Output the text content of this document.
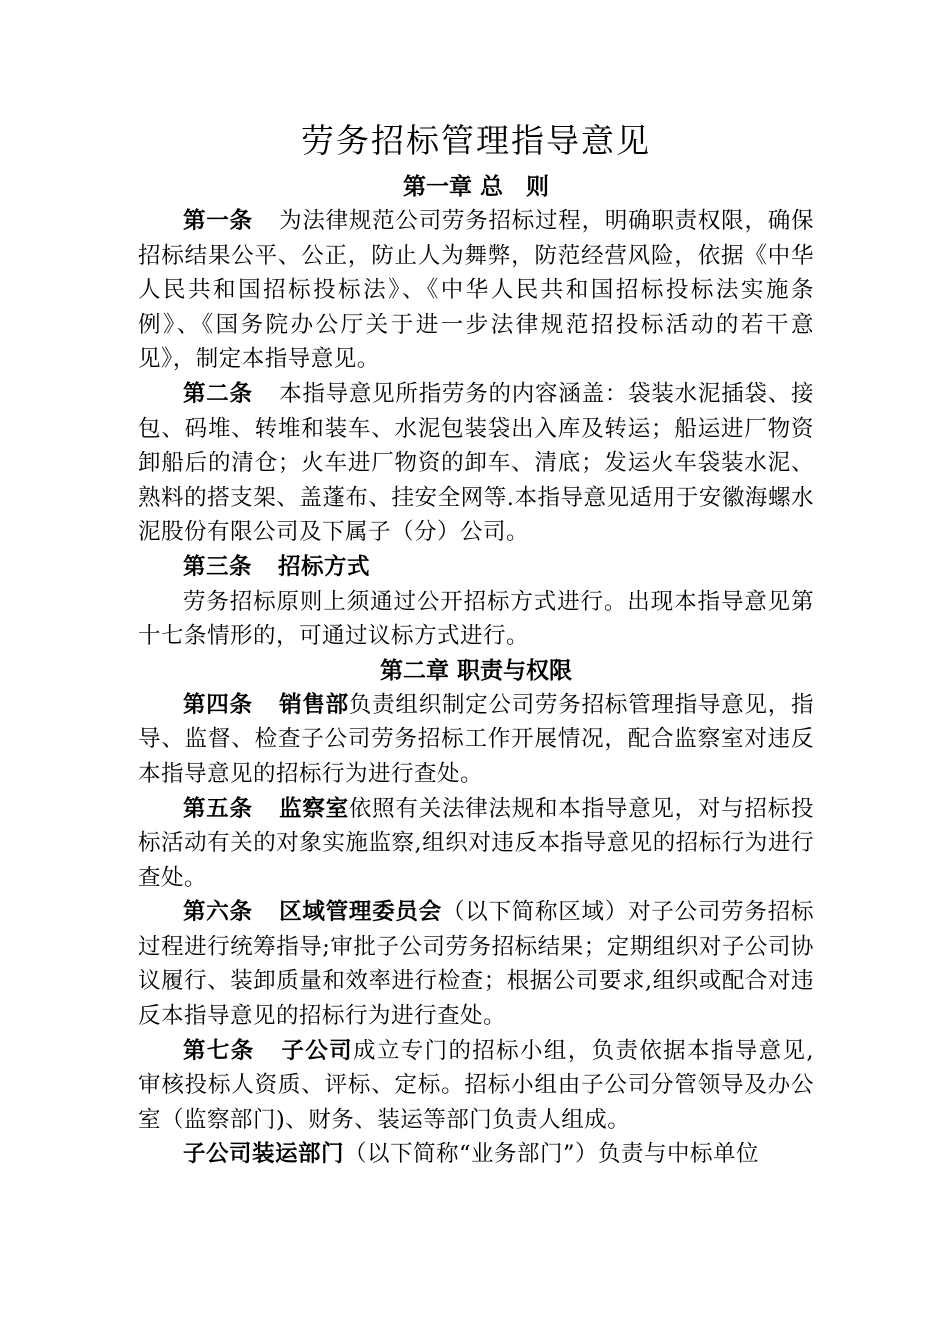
劳务招标管理指导意见
第一章 总　则

第一条 为法律规范公司劳务招标过程，明确职责权限，确保招标结果公平、公正，防止人为舞弊，防范经营风险，依据《中华人民共和国招标投标法》、《中华人民共和国招标投标法实施条例》、《国务院办公厅关于进一步法律规范招投标活动的若干意见》，制定本指导意见。

第二条 本指导意见所指劳务的内容涵盖：袋装水泥插袋、接包、码堆、转堆和装车、水泥包装袋出入库及转运；船运进厂物资卸船后的清仓；火车进厂物资的卸车、清底；发运火车袋装水泥、熟料的搭支架、盖蓬布、挂安全网等.本指导意见适用于安徽海螺水泥股份有限公司及下属子（分）公司。

第三条 招标方式

劳务招标原则上须通过公开招标方式进行。出现本指导意见第十七条情形的，可通过议标方式进行。

第二章 职责与权限

第四条 销售部负责组织制定公司劳务招标管理指导意见，指导、监督、检查子公司劳务招标工作开展情况，配合监察室对违反本指导意见的招标行为进行查处。

第五条 监察室依照有关法律法规和本指导意见，对与招标投标活动有关的对象实施监察,组织对违反本指导意见的招标行为进行查处。

第六条 区域管理委员会（以下简称区域）对子公司劳务招标过程进行统筹指导;审批子公司劳务招标结果；定期组织对子公司协议履行、装卸质量和效率进行检查；根据公司要求,组织或配合对违反本指导意见的招标行为进行查处。

第七条 子公司成立专门的招标小组，负责依据本指导意见,审核投标人资质、评标、定标。招标小组由子公司分管领导及办公室（监察部门)、财务、装运等部门负责人组成。

子公司装运部门（以下简称“业务部门”）负责与中标单位
